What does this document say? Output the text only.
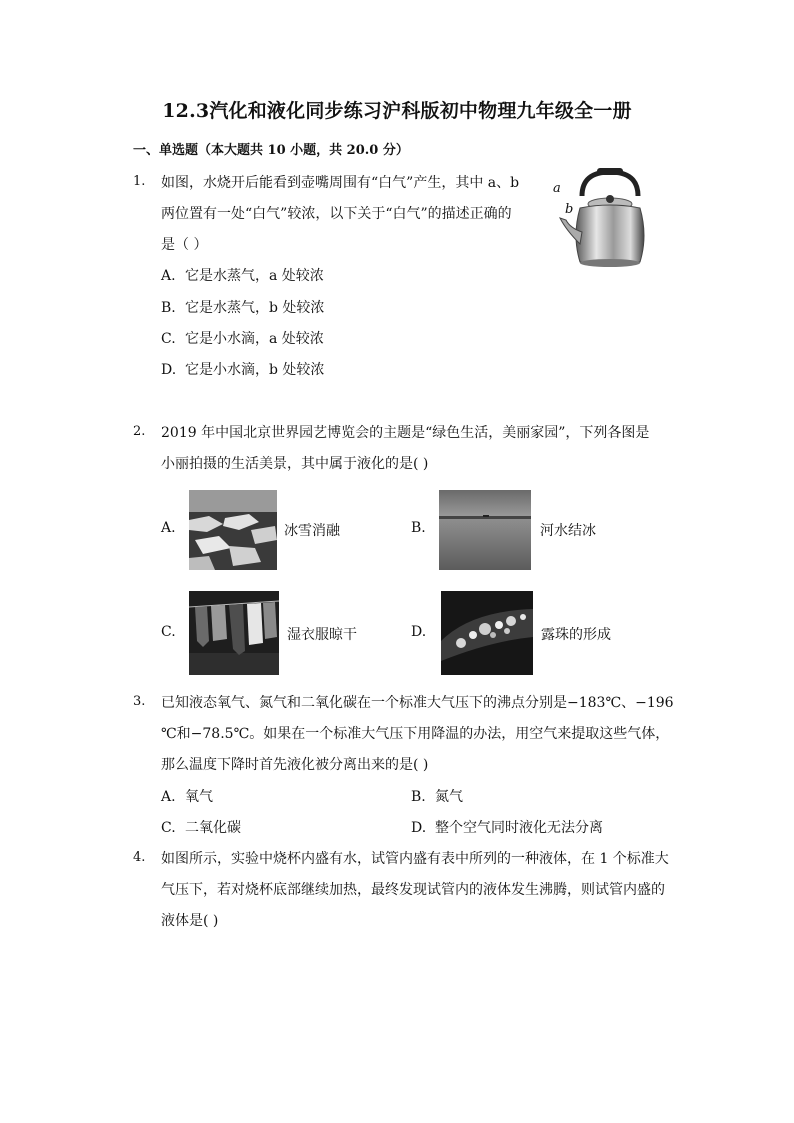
12.3汽化和液化同步练习沪科版初中物理九年级全一册
一、单选题（本大题共 10 小题，共 20.0 分）
1. 如图，水烧开后能看到壶嘴周围有“白气”产生，其中 a、b
两位置有一处“白气”较浓，以下关于“白气”的描述正确的
是（ ）
A. 它是水蒸气，a 处较浓
B. 它是水蒸气，b 处较浓
C. 它是小水滴，a 处较浓
D. 它是小水滴，b 处较浓
a
b
2. 2019 年中国北京世界园艺博览会的主题是“绿色生活，美丽家园”，下列各图是
小丽拍摄的生活美景，其中属于液化的是( )
A.	冰雪消融	B.	河水结冰
C.	湿衣服晾干	D.	露珠的形成
3. 已知液态氧气、氮气和二氧化碳在一个标准大气压下的沸点分别是−183℃、−196
℃和−78.5℃。如果在一个标准大气压下用降温的办法，用空气来提取这些气体，
那么温度下降时首先液化被分离出来的是( )
A. 氧气	B. 氮气
C. 二氧化碳	D. 整个空气同时液化无法分离
4. 如图所示，实验中烧杯内盛有水，试管内盛有表中所列的一种液体，在 1 个标准大
气压下，若对烧杯底部继续加热，最终发现试管内的液体发生沸腾，则试管内盛的
液体是( )
